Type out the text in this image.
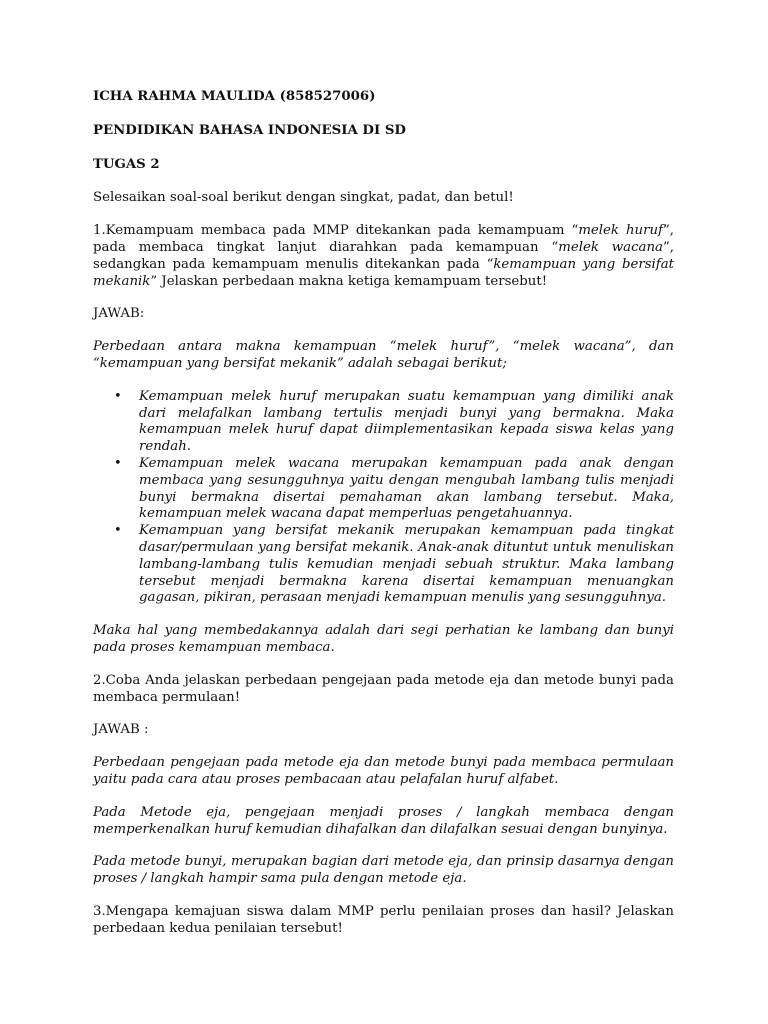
ICHA RAHMA MAULIDA (858527006)

PENDIDIKAN BAHASA INDONESIA DI SD

TUGAS 2

Selesaikan soal-soal berikut dengan singkat, padat, dan betul!

1.Kemampuam membaca pada MMP ditekankan pada kemampuam “melek huruf”, pada membaca tingkat lanjut diarahkan pada kemampuan “melek wacana”, sedangkan pada kemampuam menulis ditekankan pada “kemampuan yang bersifat mekanik” Jelaskan perbedaan makna ketiga kemampuam tersebut!

JAWAB:

Perbedaan antara makna kemampuan “melek huruf”, “melek wacana”, dan “kemampuan yang bersifat mekanik” adalah sebagai berikut;

• Kemampuan melek huruf merupakan suatu kemampuan yang dimiliki anak dari melafalkan lambang tertulis menjadi bunyi yang bermakna. Maka kemampuan melek huruf dapat diimplementasikan kepada siswa kelas yang rendah.
• Kemampuan melek wacana merupakan kemampuan pada anak dengan membaca yang sesungguhnya yaitu dengan mengubah lambang tulis menjadi bunyi bermakna disertai pemahaman akan lambang tersebut. Maka, kemampuan melek wacana dapat memperluas pengetahuannya.
• Kemampuan yang bersifat mekanik merupakan kemampuan pada tingkat dasar/permulaan yang bersifat mekanik. Anak-anak dituntut untuk menuliskan lambang-lambang tulis kemudian menjadi sebuah struktur. Maka lambang tersebut menjadi bermakna karena disertai kemampuan menuangkan gagasan, pikiran, perasaan menjadi kemampuan menulis yang sesungguhnya.

Maka hal yang membedakannya adalah dari segi perhatian ke lambang dan bunyi pada proses kemampuan membaca.

2.Coba Anda jelaskan perbedaan pengejaan pada metode eja dan metode bunyi pada membaca permulaan!

JAWAB :

Perbedaan pengejaan pada metode eja dan metode bunyi pada membaca permulaan yaitu pada cara atau proses pembacaan atau pelafalan huruf alfabet.

Pada Metode eja, pengejaan menjadi proses / langkah membaca dengan memperkenalkan huruf kemudian dihafalkan dan dilafalkan sesuai dengan bunyinya.

Pada metode bunyi, merupakan bagian dari metode eja, dan prinsip dasarnya dengan proses / langkah hampir sama pula dengan metode eja.

3.Mengapa kemajuan siswa dalam MMP perlu penilaian proses dan hasil? Jelaskan perbedaan kedua penilaian tersebut!
